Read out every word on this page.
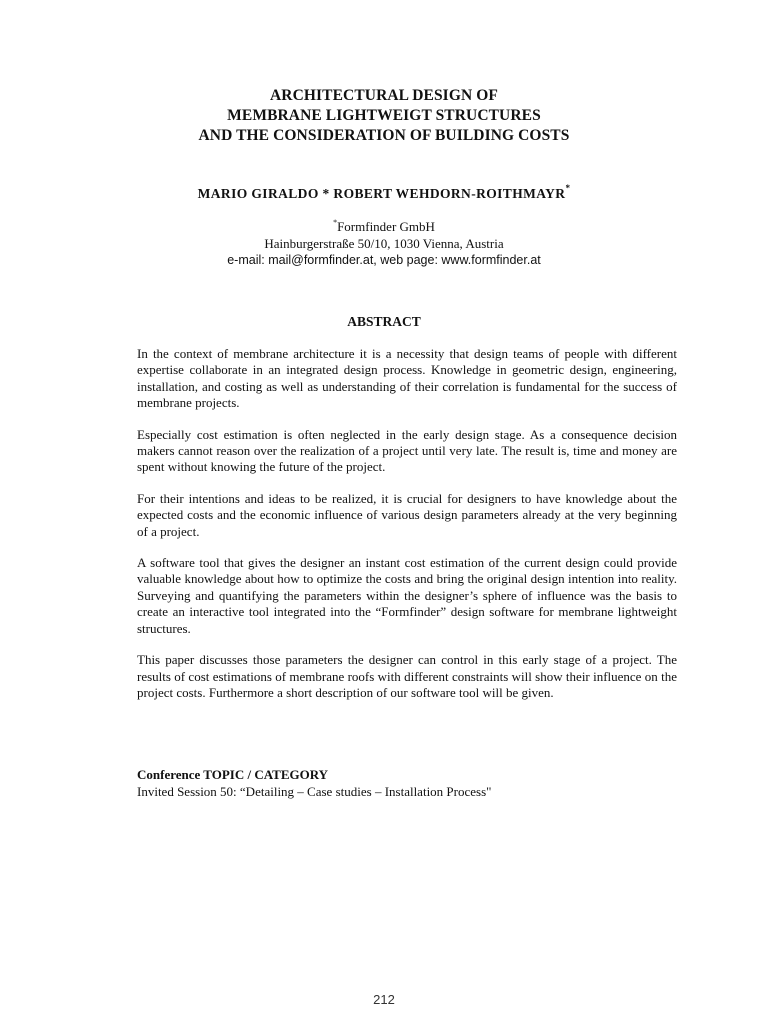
ARCHITECTURAL DESIGN OF
MEMBRANE LIGHTWEIGT STRUCTURES
AND THE CONSIDERATION OF BUILDING COSTS
MARIO GIRALDO * ROBERT WEHDORN-ROITHMAYR*
*Formfinder GmbH
Hainburgerstraße 50/10, 1030 Vienna, Austria
e-mail: mail@formfinder.at, web page: www.formfinder.at
ABSTRACT

In the context of membrane architecture it is a necessity that design teams of people with different expertise collaborate in an integrated design process. Knowledge in geometric design, engineering, installation, and costing as well as understanding of their correlation is fundamental for the success of membrane projects.

Especially cost estimation is often neglected in the early design stage. As a consequence decision makers cannot reason over the realization of a project until very late. The result is, time and money are spent without knowing the future of the project.

For their intentions and ideas to be realized, it is crucial for designers to have knowledge about the expected costs and the economic influence of various design parameters already at the very beginning of a project.

A software tool that gives the designer an instant cost estimation of the current design could provide valuable knowledge about how to optimize the costs and bring the original design intention into reality. Surveying and quantifying the parameters within the designer’s sphere of influence was the basis to create an interactive tool integrated into the “Formfinder” design software for membrane lightweight structures.

This paper discusses those parameters the designer can control in this early stage of a project. The results of cost estimations of membrane roofs with different constraints will show their influence on the project costs. Furthermore a short description of our software tool will be given.

Conference TOPIC / CATEGORY
Invited Session 50: “Detailing – Case studies – Installation Process"
212
